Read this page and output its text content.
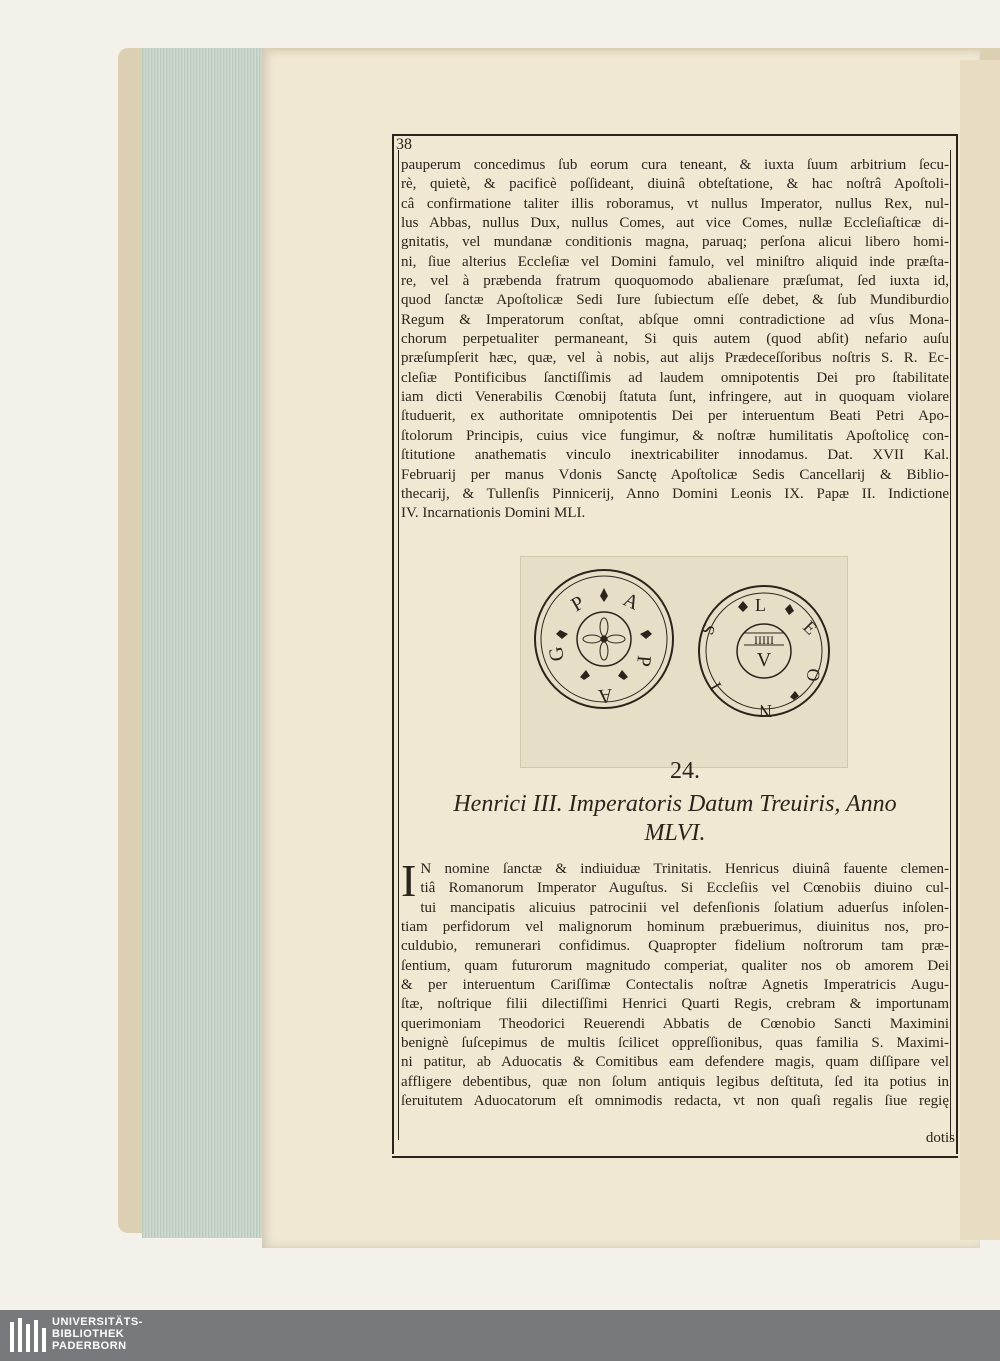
38

pauperum concedimus ſub eorum cura teneant, & iuxta ſuum arbitrium ſecu-
rè, quietè, & pacificè poſſideant, diuinâ obteſtatione, & hac noſtrâ Apoſtoli-
câ confirmatione taliter illis roboramus, vt nullus Imperator, nullus Rex, nul-
lus Abbas, nullus Dux, nullus Comes, aut vice Comes, nullæ Eccleſiaſticæ di-
gnitatis, vel mundanæ conditionis magna, paruaq; perſona alicui libero homi-
ni, ſiue alterius Eccleſiæ vel Domini famulo, vel miniſtro aliquid inde præſta-
re, vel à præbenda fratrum quoquomodo abalienare præſumat, ſed iuxta id,
quod ſanctæ Apoſtolicæ Sedi Iure ſubiectum eſſe debet, & ſub Mundiburdio
Regum & Imperatorum conſtat, abſque omni contradictione ad vſus Mona-
chorum perpetualiter permaneant, Si quis autem (quod abſit) nefario auſu
præſumpſerit hæc, quæ, vel à nobis, aut alijs Prædeceſſoribus noſtris S. R. Ec-
cleſiæ Pontificibus ſanctiſſimis ad laudem omnipotentis Dei pro ſtabilitate
iam dicti Venerabilis Cœnobij ſtatuta ſunt, infringere, aut in quoquam violare
ſtuduerit, ex authoritate omnipotentis Dei per interuentum Beati Petri Apo-
ſtolorum Principis, cuius vice fungimur, & noſtræ humilitatis Apoſtolicę con-
ſtitutione anathematis vinculo inextricabiliter innodamus. Dat. XVII Kal.
Februarij per manus Vdonis Sanctę Apoſtolicæ Sedis Cancellarij & Biblio-
thecarij, & Tullenſis Pinnicerij, Anno Domini Leonis IX. Papæ II. Indictione
IV. Incarnationis Domini MLI.

P A
P
A
G
L
E
O
N
I
S
IIIII
V
24.
Henrici III. Imperatoris Datum Treuiris, Anno
MLVI.

I N nomine ſanctæ & indiuiduæ Trinitatis. Henricus diuinâ fauente clemen-
tiâ Romanorum Imperator Auguſtus. Si Eccleſiis vel Cœnobiis diuino cul-
tui mancipatis alicuius patrocinii vel defenſionis ſolatium aduerſus inſolen-
tiam perfidorum vel malignorum hominum præbuerimus, diuinitus nos, pro-
culdubio, remunerari confidimus. Quapropter fidelium noſtrorum tam præ-
ſentium, quam futurorum magnitudo comperiat, qualiter nos ob amorem Dei
& per interuentum Cariſſimæ Contectalis noſtræ Agnetis Imperatricis Augu-
ſtæ, noſtrique filii dilectiſſimi Henrici Quarti Regis, crebram & importunam
querimoniam Theodorici Reuerendi Abbatis de Cœnobio Sancti Maximini
benignè ſuſcepimus de multis ſcilicet oppreſſionibus, quas familia S. Maximi-
ni patitur, ab Aduocatis & Comitibus eam defendere magis, quam diſſipare vel
affligere debentibus, quæ non ſolum antiquis legibus deſtituta, ſed ita potius in
ſeruitutem Aduocatorum eſt omnimodis redacta, vt non quaſi regalis ſiue regię

dotis
UNIVERSITÄTS-
BIBLIOTHEK
PADERBORN
